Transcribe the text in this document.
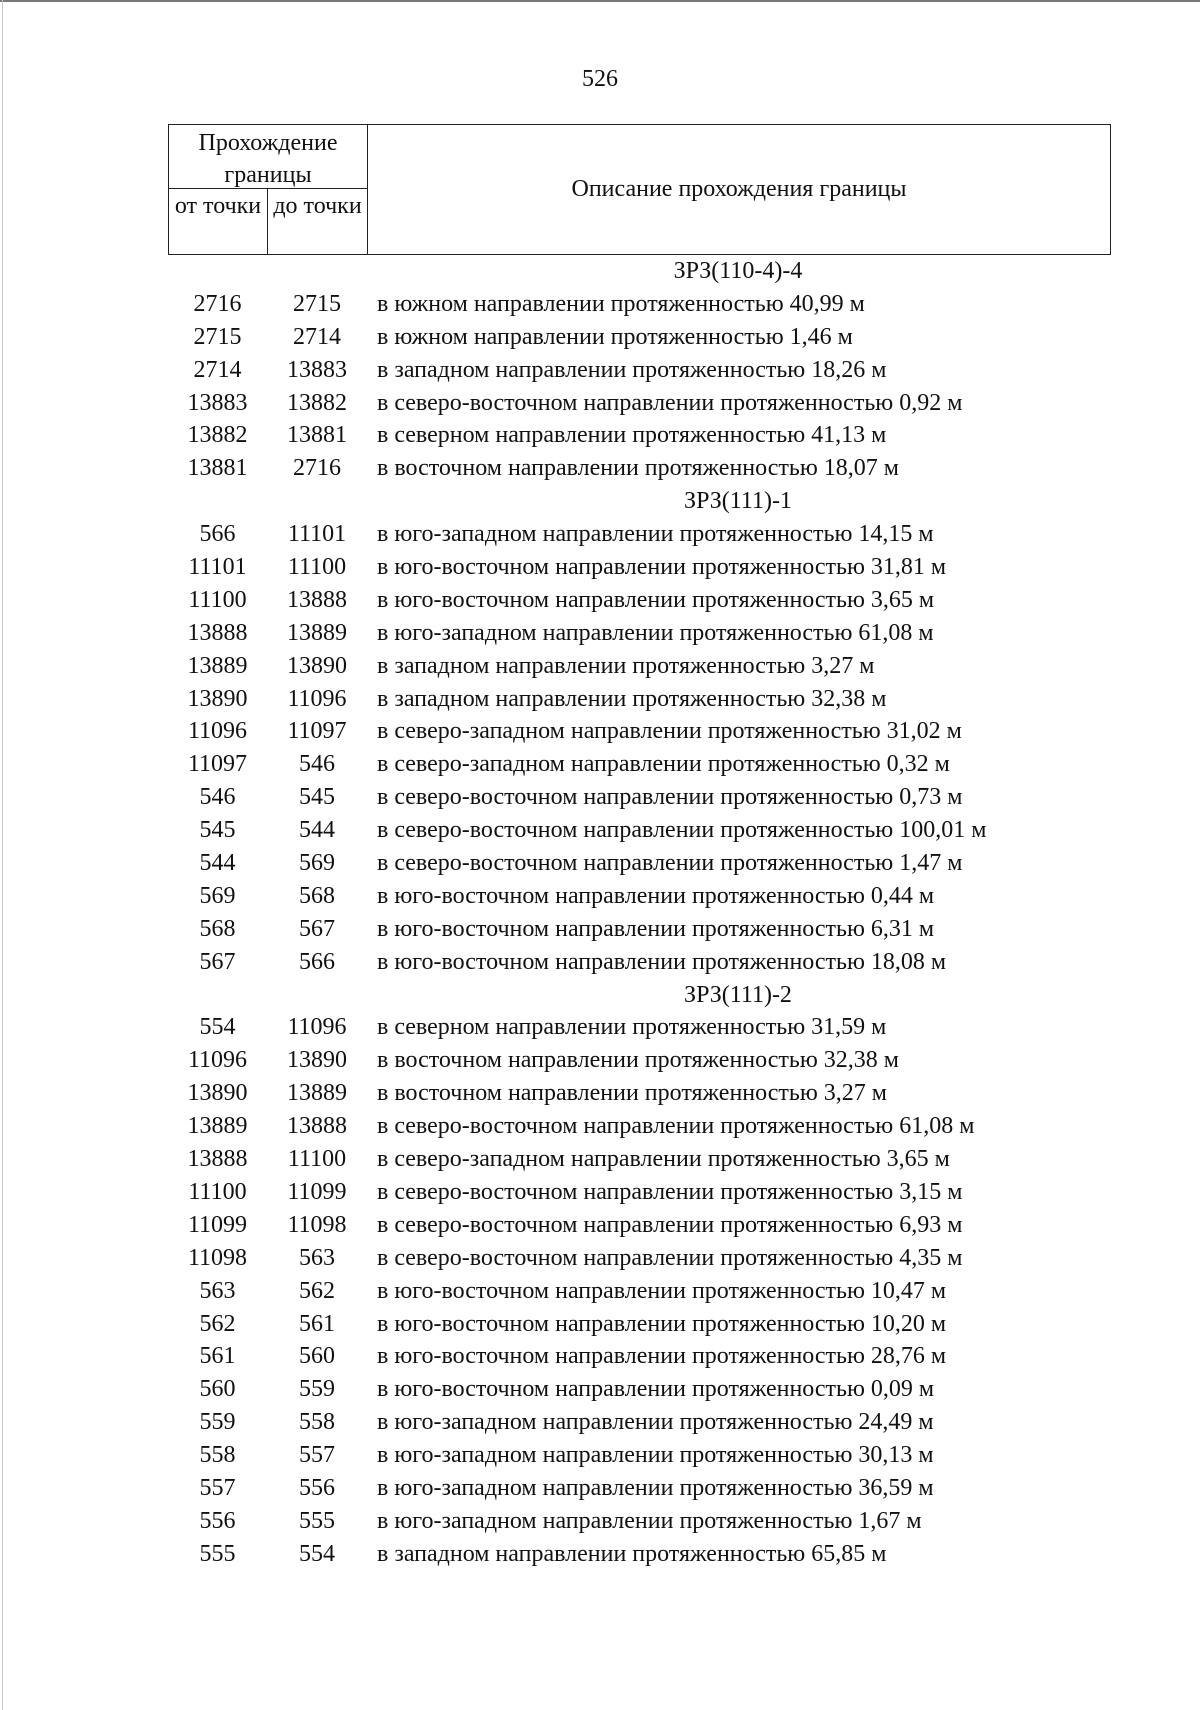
526
Прохождение границы
от точки до точки
Описание прохождения границы
ЗРЗ(110-4)-4
2716	2715	в южном направлении протяженностью 40,99 м
2715	2714	в южном направлении протяженностью 1,46 м
2714	13883	в западном направлении протяженностью 18,26 м
13883	13882	в северо-восточном направлении протяженностью 0,92 м
13882	13881	в северном направлении протяженностью 41,13 м
13881	2716	в восточном направлении протяженностью 18,07 м
ЗРЗ(111)-1
566	11101	в юго-западном направлении протяженностью 14,15 м
11101	11100	в юго-восточном направлении протяженностью 31,81 м
11100	13888	в юго-восточном направлении протяженностью 3,65 м
13888	13889	в юго-западном направлении протяженностью 61,08 м
13889	13890	в западном направлении протяженностью 3,27 м
13890	11096	в западном направлении протяженностью 32,38 м
11096	11097	в северо-западном направлении протяженностью 31,02 м
11097	546	в северо-западном направлении протяженностью 0,32 м
546	545	в северо-восточном направлении протяженностью 0,73 м
545	544	в северо-восточном направлении протяженностью 100,01 м
544	569	в северо-восточном направлении протяженностью 1,47 м
569	568	в юго-восточном направлении протяженностью 0,44 м
568	567	в юго-восточном направлении протяженностью 6,31 м
567	566	в юго-восточном направлении протяженностью 18,08 м
ЗРЗ(111)-2
554	11096	в северном направлении протяженностью 31,59 м
11096	13890	в восточном направлении протяженностью 32,38 м
13890	13889	в восточном направлении протяженностью 3,27 м
13889	13888	в северо-восточном направлении протяженностью 61,08 м
13888	11100	в северо-западном направлении протяженностью 3,65 м
11100	11099	в северо-восточном направлении протяженностью 3,15 м
11099	11098	в северо-восточном направлении протяженностью 6,93 м
11098	563	в северо-восточном направлении протяженностью 4,35 м
563	562	в юго-восточном направлении протяженностью 10,47 м
562	561	в юго-восточном направлении протяженностью 10,20 м
561	560	в юго-восточном направлении протяженностью 28,76 м
560	559	в юго-восточном направлении протяженностью 0,09 м
559	558	в юго-западном направлении протяженностью 24,49 м
558	557	в юго-западном направлении протяженностью 30,13 м
557	556	в юго-западном направлении протяженностью 36,59 м
556	555	в юго-западном направлении протяженностью 1,67 м
555	554	в западном направлении протяженностью 65,85 м
